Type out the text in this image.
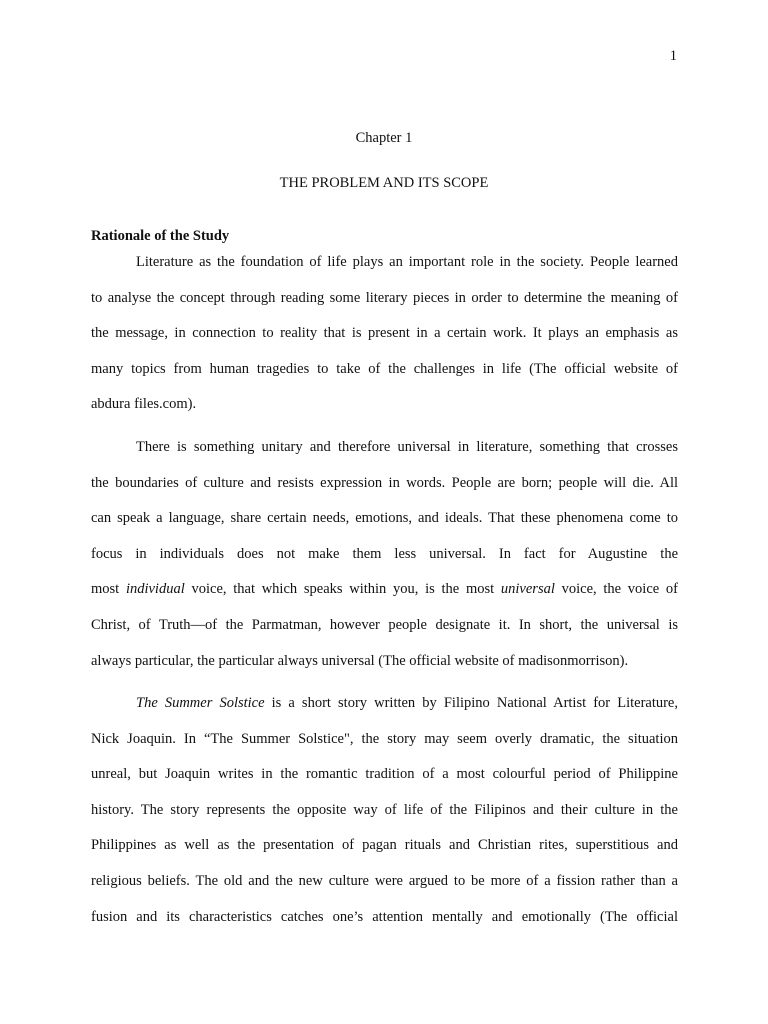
1
Chapter 1
THE PROBLEM AND ITS SCOPE
Rationale of the Study
Literature as the foundation of life plays an important role in the society. People learned
to analyse the concept through reading some literary pieces in order to determine the meaning of
the message, in connection to reality that is present in a certain work. It plays an emphasis as
many topics from human tragedies to take of the challenges in life (The official website of
abdura files.com).
There is something unitary and therefore universal in literature, something that crosses
the boundaries of culture and resists expression in words. People are born; people will die. All
can speak a language, share certain needs, emotions, and ideals. That these phenomena come to
focus in individuals does not make them less universal. In fact for Augustine the
most individual voice, that which speaks within you, is the most universal voice, the voice of
Christ, of Truth—of the Parmatman, however people designate it. In short, the universal is
always particular, the particular always universal (The official website of madisonmorrison).
The Summer Solstice is a short story written by Filipino National Artist for Literature,
Nick Joaquin. In “The Summer Solstice", the story may seem overly dramatic, the situation
unreal, but Joaquin writes in the romantic tradition of a most colourful period of Philippine
history. The story represents the opposite way of life of the Filipinos and their culture in the
Philippines as well as the presentation of pagan rituals and Christian rites, superstitious and
religious beliefs. The old and the new culture were argued to be more of a fission rather than a
fusion and its characteristics catches one’s attention mentally and emotionally (The official
